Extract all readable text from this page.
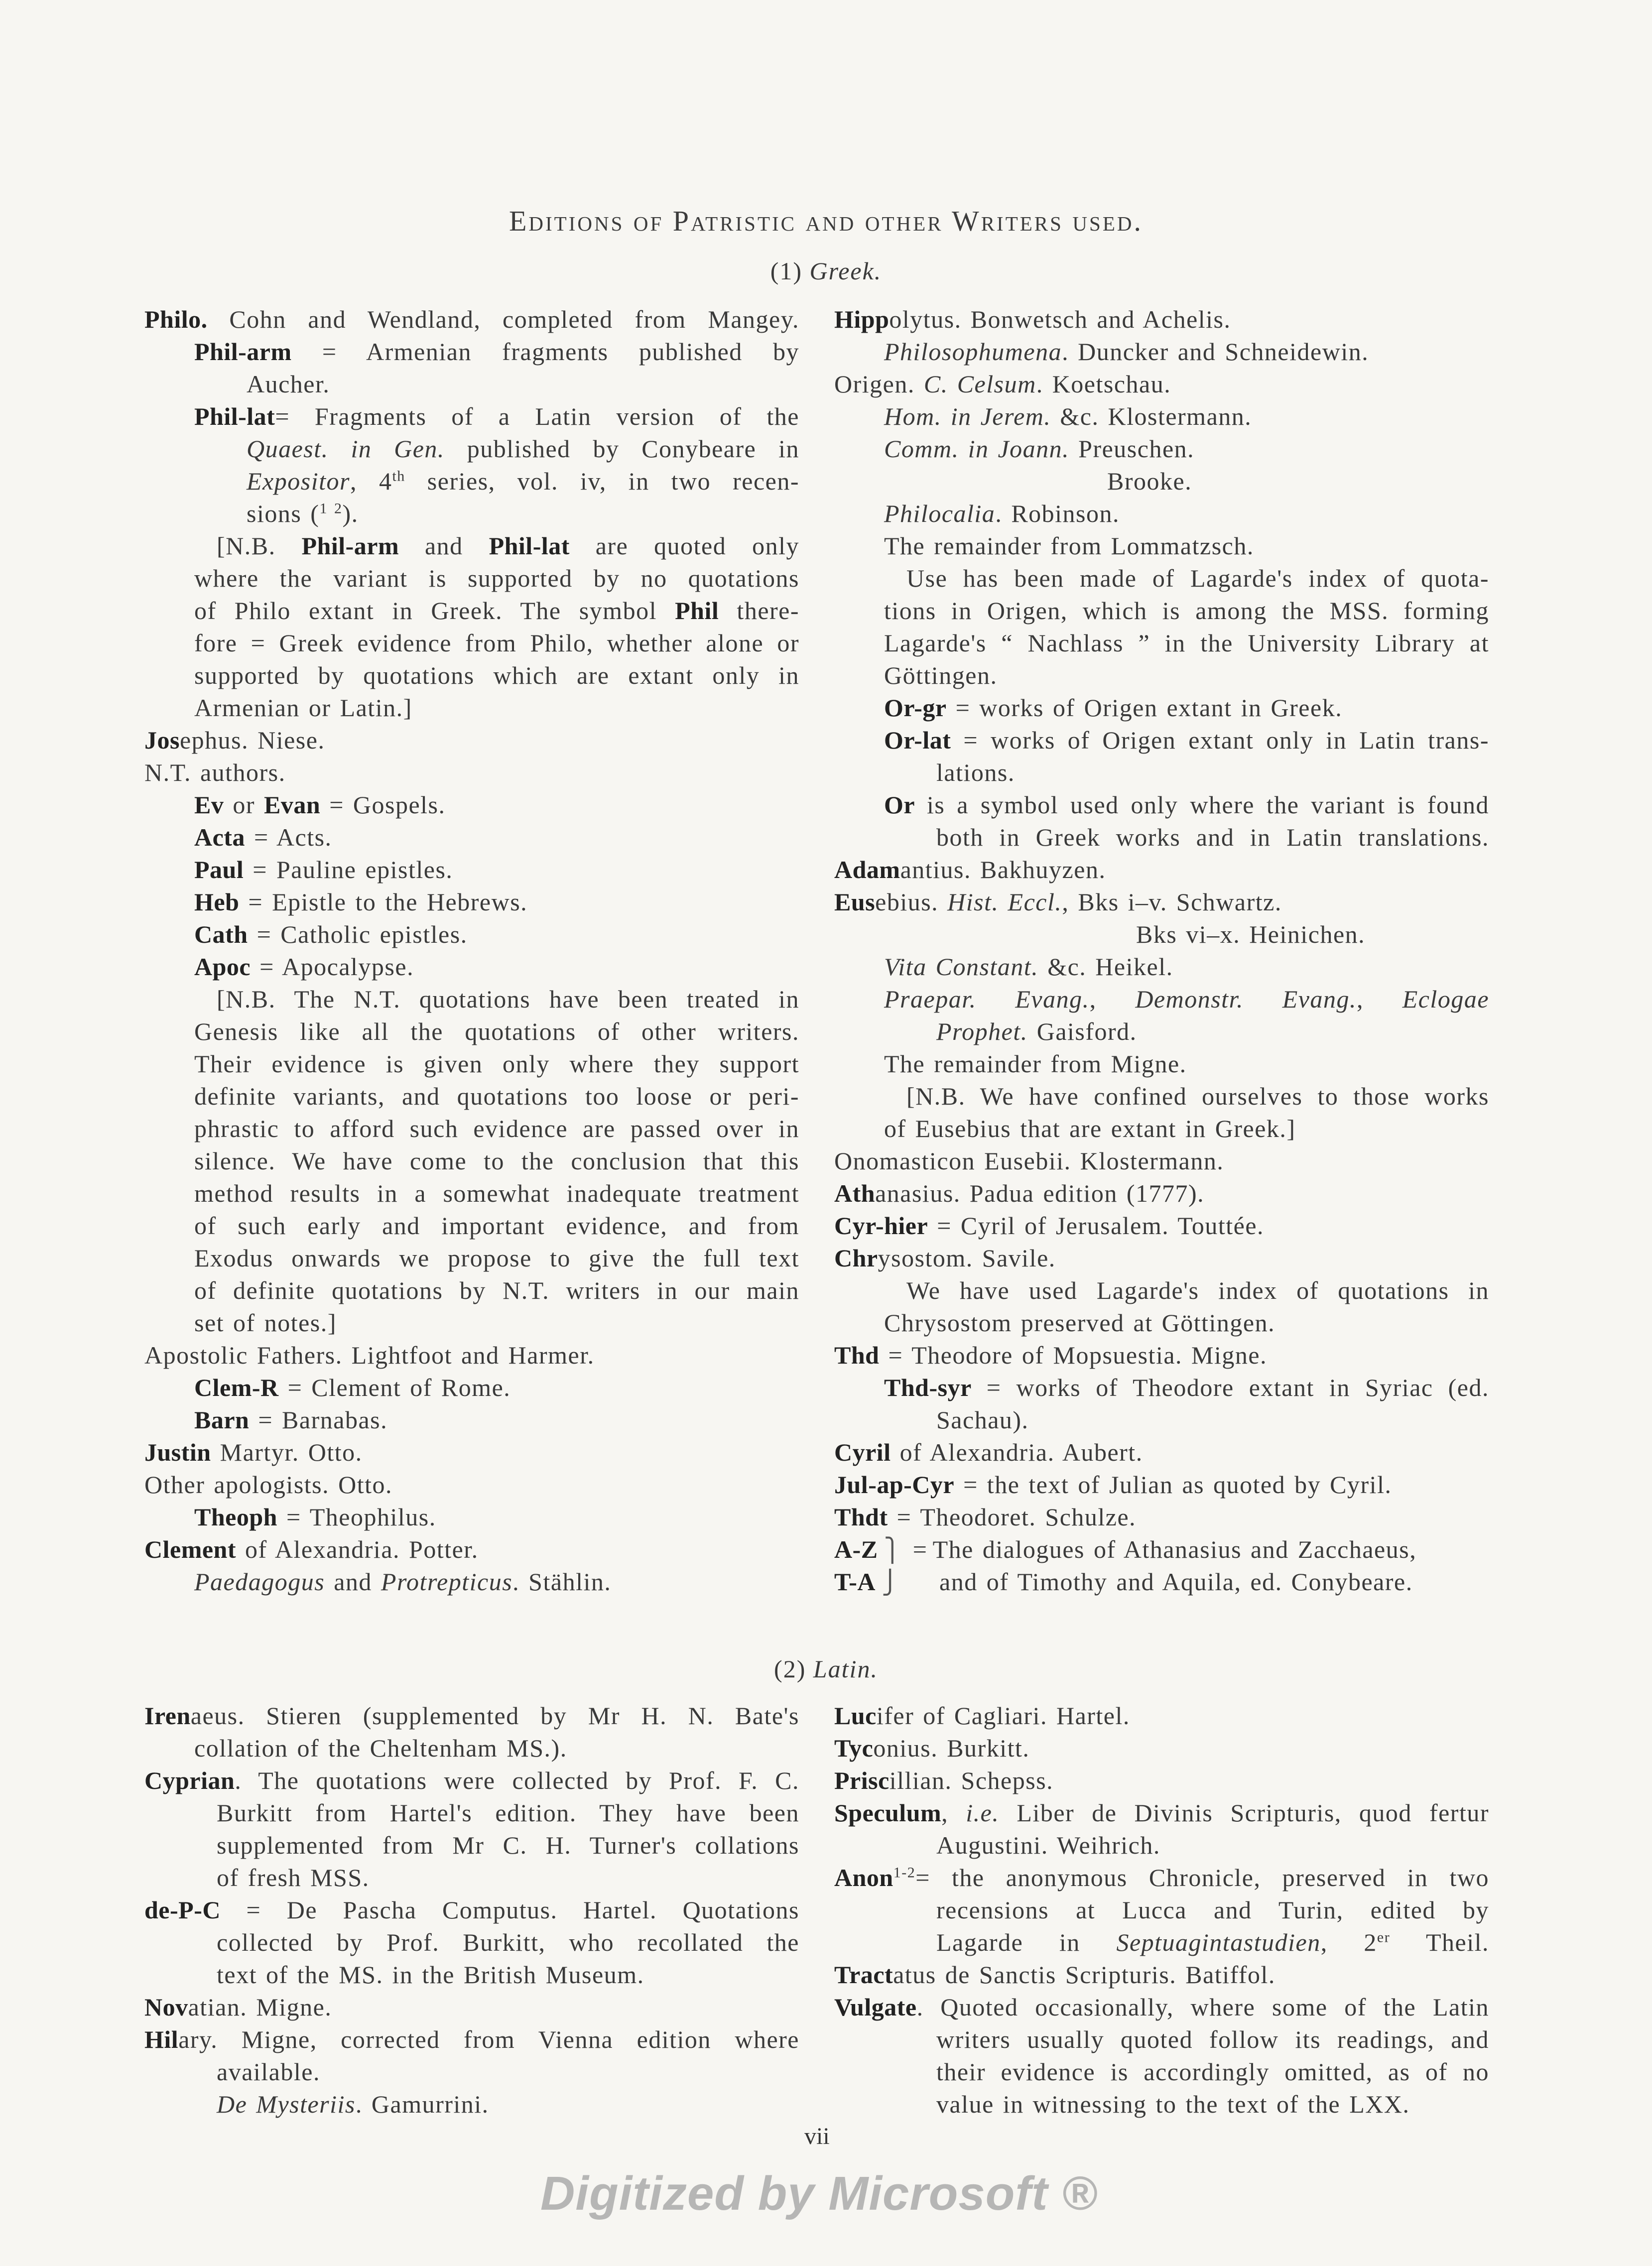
Editions of Patristic and other Writers used.
(1) Greek.
Philo. Cohn and Wendland, completed from Mangey.
Phil-arm = Armenian fragments published by
Aucher.
Phil-lat= Fragments of a Latin version of the
Quaest. in Gen. published by Conybeare in
Expositor, 4th series, vol. iv, in two recen-
sions ($^{1 2}$).
[N.B. Phil-arm and Phil-lat are quoted only
where the variant is supported by no quotations
of Philo extant in Greek. The symbol Phil there-
fore = Greek evidence from Philo, whether alone or
supported by quotations which are extant only in
Armenian or Latin.]
Josephus. Niese.
N.T. authors.
Ev or Evan = Gospels.
Acta = Acts.
Paul = Pauline epistles.
Heb = Epistle to the Hebrews.
Cath = Catholic epistles.
Apoc = Apocalypse.
[N.B. The N.T. quotations have been treated in
Genesis like all the quotations of other writers.
Their evidence is given only where they support
definite variants, and quotations too loose or peri-
phrastic to afford such evidence are passed over in
silence. We have come to the conclusion that this
method results in a somewhat inadequate treatment
of such early and important evidence, and from
Exodus onwards we propose to give the full text
of definite quotations by N.T. writers in our main
set of notes.]
Apostolic Fathers. Lightfoot and Harmer.
Clem-R = Clement of Rome.
Barn = Barnabas.
Justin Martyr. Otto.
Other apologists. Otto.
Theoph = Theophilus.
Clement of Alexandria. Potter.
Paedagogus and Protrepticus. Stählin.
Hippolytus. Bonwetsch and Achelis.
Philosophumena. Duncker and Schneidewin.
Origen. C. Celsum. Koetschau.
Hom. in Jerem. &c. Klostermann.
Comm. in Joann. Preuschen.
Brooke.
Philocalia. Robinson.
The remainder from Lommatzsch.
Use has been made of Lagarde's index of quota-
tions in Origen, which is among the MSS. forming
Lagarde's “ Nachlass ” in the University Library at
Göttingen.
Or-gr = works of Origen extant in Greek.
Or-lat = works of Origen extant only in Latin trans-
lations.
Or is a symbol used only where the variant is found
both in Greek works and in Latin translations.
Adamantius. Bakhuyzen.
Eusebius. Hist. Eccl., Bks i–v. Schwartz.
Bks vi–x. Heinichen.
Vita Constant. &c. Heikel.
Praepar. Evang., Demonstr. Evang., Eclogae
Prophet. Gaisford.
The remainder from Migne.
[N.B. We have confined ourselves to those works
of Eusebius that are extant in Greek.]
Onomasticon Eusebii. Klostermann.
Athanasius. Padua edition (1777).
Cyr-hier = Cyril of Jerusalem. Touttée.
Chrysostom. Savile.
We have used Lagarde's index of quotations in
Chrysostom preserved at Göttingen.
Thd = Theodore of Mopsuestia. Migne.
Thd-syr = works of Theodore extant in Syriac (ed.
Sachau).
Cyril of Alexandria. Aubert.
Jul-ap-Cyr = the text of Julian as quoted by Cyril.
Thdt = Theodoret. Schulze.
A-Z ⎫ = The dialogues of Athanasius and Zacchaeus,
T-A ⎭ and of Timothy and Aquila, ed. Conybeare.
(2) Latin.
Irenaeus. Stieren (supplemented by Mr H. N. Bate's
collation of the Cheltenham MS.).
Cyprian. The quotations were collected by Prof. F. C.
Burkitt from Hartel's edition. They have been
supplemented from Mr C. H. Turner's collations
of fresh MSS.
de-P-C = De Pascha Computus. Hartel. Quotations
collected by Prof. Burkitt, who recollated the
text of the MS. in the British Museum.
Novatian. Migne.
Hilary. Migne, corrected from Vienna edition where
available.
De Mysteriis. Gamurrini.
Lucifer of Cagliari. Hartel.
Tyconius. Burkitt.
Priscillian. Schepss.
Speculum, i.e. Liber de Divinis Scripturis, quod fertur
Augustini. Weihrich.
Anon$^{1-2}$= the anonymous Chronicle, preserved in two
recensions at Lucca and Turin, edited by
Lagarde in Septuagintastudien, 2er Theil.
Tractatus de Sanctis Scripturis. Batiffol.
Vulgate. Quoted occasionally, where some of the Latin
writers usually quoted follow its readings, and
their evidence is accordingly omitted, as of no
value in witnessing to the text of the LXX.
vii
Digitized by Microsoft ®
